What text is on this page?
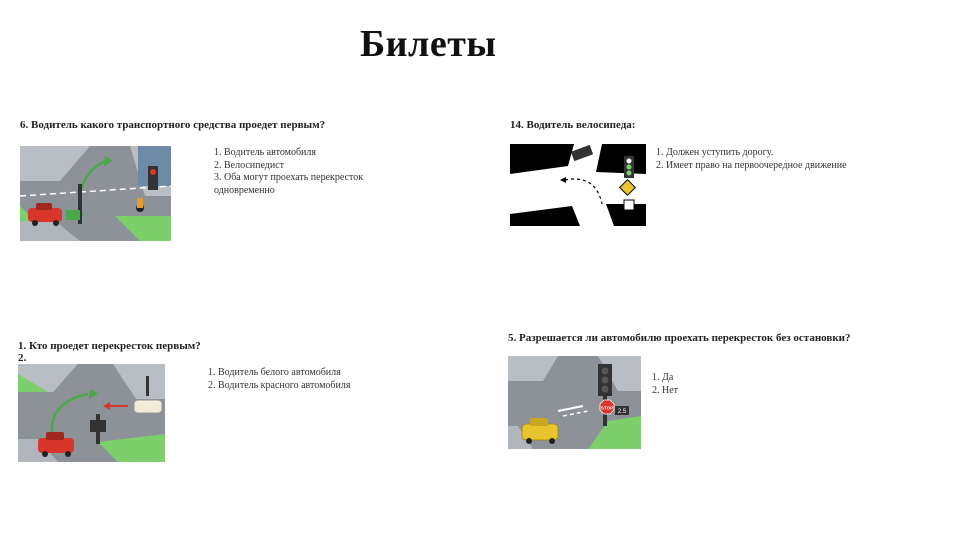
Билеты
6. Водитель какого транспортного средства проедет первым?
1. Водитель автомобиля
2. Велосипедист
3. Оба могут проехать перекресток
одновременно
14. Водитель велосипеда:
1. Должен уступить дорогу.
2. Имеет право на первоочередное движение
1. Кто проедет перекресток первым?
2.
1. Водитель белого автомобиля
2. Водитель красного автомобиля
5. Разрешается ли автомобилю проехать перекресток без остановки?
STOP
2.5
1. Да
2. Нет
